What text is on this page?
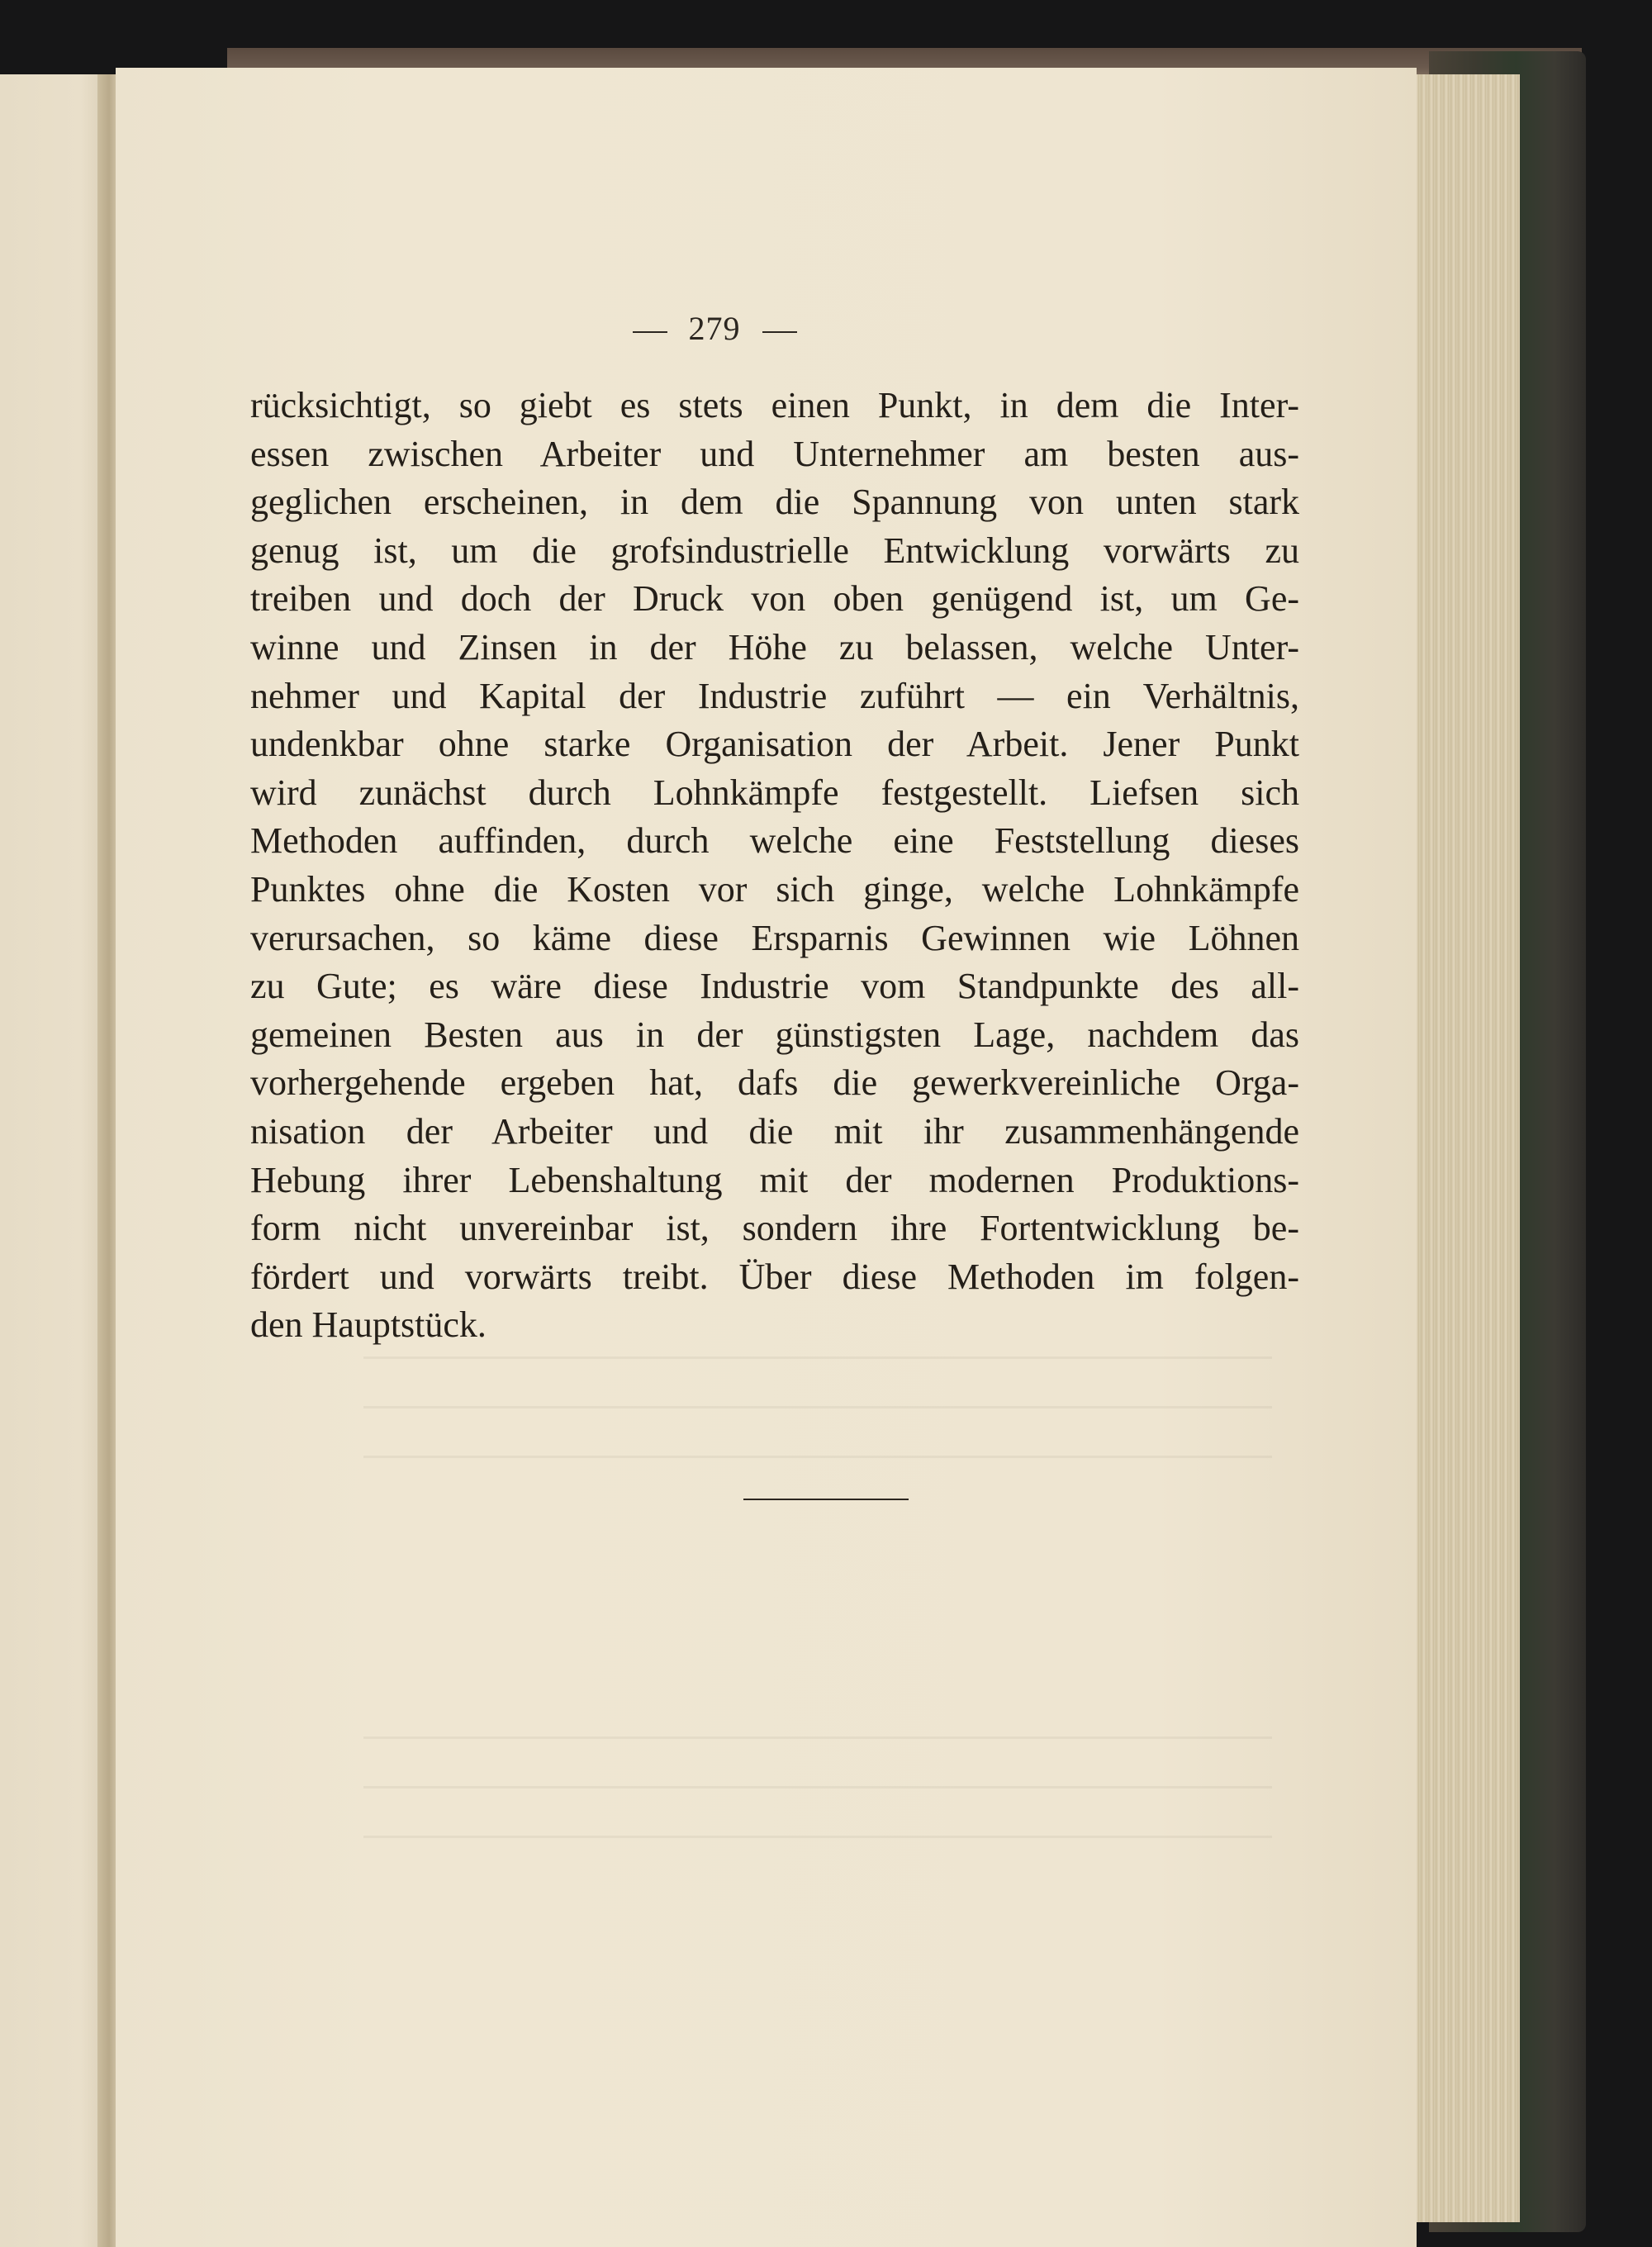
279
rücksichtigt, so giebt es stets einen Punkt, in dem die Inter-
essen zwischen Arbeiter und Unternehmer am besten aus-
geglichen erscheinen, in dem die Spannung von unten stark
genug ist, um die grofsindustrielle Entwicklung vorwärts zu
treiben und doch der Druck von oben genügend ist, um Ge-
winne und Zinsen in der Höhe zu belassen, welche Unter-
nehmer und Kapital der Industrie zuführt — ein Verhältnis,
undenkbar ohne starke Organisation der Arbeit. Jener Punkt
wird zunächst durch Lohnkämpfe festgestellt. Liefsen sich
Methoden auffinden, durch welche eine Feststellung dieses
Punktes ohne die Kosten vor sich ginge, welche Lohnkämpfe
verursachen, so käme diese Ersparnis Gewinnen wie Löhnen
zu Gute; es wäre diese Industrie vom Standpunkte des all-
gemeinen Besten aus in der günstigsten Lage, nachdem das
vorhergehende ergeben hat, dafs die gewerkvereinliche Orga-
nisation der Arbeiter und die mit ihr zusammenhängende
Hebung ihrer Lebenshaltung mit der modernen Produktions-
form nicht unvereinbar ist, sondern ihre Fortentwicklung be-
fördert und vorwärts treibt. Über diese Methoden im folgen-
den Hauptstück.
